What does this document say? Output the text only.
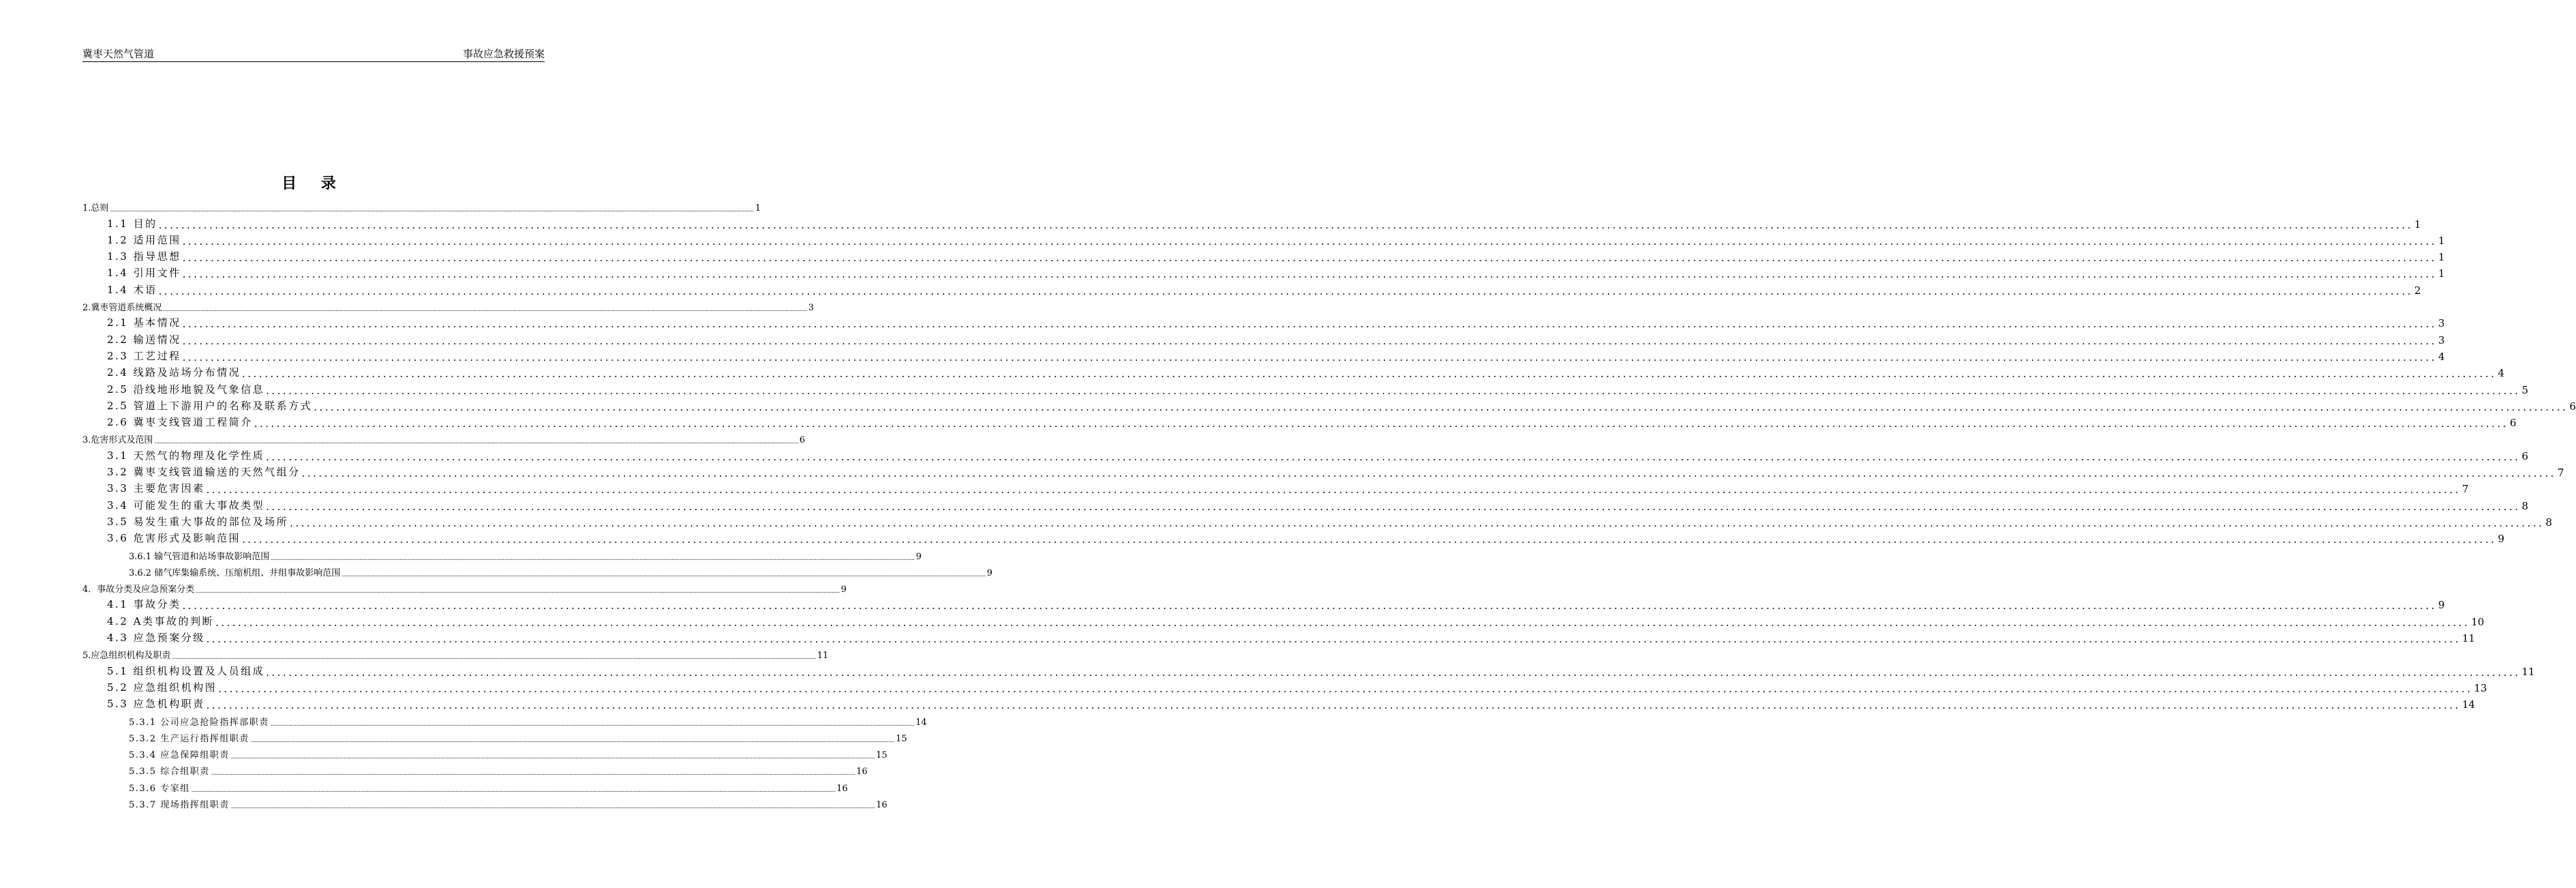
冀枣天然气管道	事故应急救援预案
目 录
1.总则 ................................................................................................................................................................................................................................................................................................................................................................................................................ 1
1.1 目的 ................................................................................................................................................................................................................................................................................................................................................................................................................ 1
1.2 适用范围 ................................................................................................................................................................................................................................................................................................................................................................................................................ 1
1.3 指导思想 ................................................................................................................................................................................................................................................................................................................................................................................................................ 1
1.4 引用文件 ................................................................................................................................................................................................................................................................................................................................................................................................................ 1
1.4 术语 ................................................................................................................................................................................................................................................................................................................................................................................................................ 2
2.冀枣管道系统概况 ................................................................................................................................................................................................................................................................................................................................................................................................................ 3
2.1 基本情况 ................................................................................................................................................................................................................................................................................................................................................................................................................ 3
2.2 输送情况 ................................................................................................................................................................................................................................................................................................................................................................................................................ 3
2.3 工艺过程 ................................................................................................................................................................................................................................................................................................................................................................................................................ 4
2.4 线路及站场分布情况 ................................................................................................................................................................................................................................................................................................................................................................................................................ 4
2.5 沿线地形地貌及气象信息 ................................................................................................................................................................................................................................................................................................................................................................................................................ 5
2.5 管道上下游用户的名称及联系方式 ................................................................................................................................................................................................................................................................................................................................................................................................................ 6
2.6 冀枣支线管道工程简介 ................................................................................................................................................................................................................................................................................................................................................................................................................ 6
3.危害形式及范围 ................................................................................................................................................................................................................................................................................................................................................................................................................ 6
3.1 天然气的物理及化学性质 ................................................................................................................................................................................................................................................................................................................................................................................................................ 6
3.2 冀枣支线管道输送的天然气组分 ................................................................................................................................................................................................................................................................................................................................................................................................................ 7
3.3 主要危害因素 ................................................................................................................................................................................................................................................................................................................................................................................................................ 7
3.4 可能发生的重大事故类型 ................................................................................................................................................................................................................................................................................................................................................................................................................ 8
3.5 易发生重大事故的部位及场所 ................................................................................................................................................................................................................................................................................................................................................................................................................ 8
3.6 危害形式及影响范围 ................................................................................................................................................................................................................................................................................................................................................................................................................ 9
3.6.1 输气管道和站场事故影响范围 ................................................................................................................................................................................................................................................................................................................................................................................................................ 9
3.6.2 储气库集输系统、压缩机组、井组事故影响范围 ................................................................................................................................................................................................................................................................................................................................................................................................................ 9
4．事故分类及应急预案分类 ................................................................................................................................................................................................................................................................................................................................................................................................................ 9
4.1 事故分类 ................................................................................................................................................................................................................................................................................................................................................................................................................ 9
4.2 A类事故的判断 ................................................................................................................................................................................................................................................................................................................................................................................................................ 10
4.3 应急预案分级 ................................................................................................................................................................................................................................................................................................................................................................................................................ 11
5.应急组织机构及职责 ................................................................................................................................................................................................................................................................................................................................................................................................................ 11
5.1 组织机构设置及人员组成 ................................................................................................................................................................................................................................................................................................................................................................................................................ 11
5.2 应急组织机构图 ................................................................................................................................................................................................................................................................................................................................................................................................................ 13
5.3 应急机构职责 ................................................................................................................................................................................................................................................................................................................................................................................................................ 14
5.3.1 公司应急抢险指挥部职责 ................................................................................................................................................................................................................................................................................................................................................................................................................ 14
5.3.2 生产运行指挥组职责 ................................................................................................................................................................................................................................................................................................................................................................................................................ 15
5.3.4 应急保障组职责 ................................................................................................................................................................................................................................................................................................................................................................................................................ 15
5.3.5 综合组职责 ................................................................................................................................................................................................................................................................................................................................................................................................................ 16
5.3.6 专家组 ................................................................................................................................................................................................................................................................................................................................................................................................................ 16
5.3.7 现场指挥组职责 ................................................................................................................................................................................................................................................................................................................................................................................................................ 16
